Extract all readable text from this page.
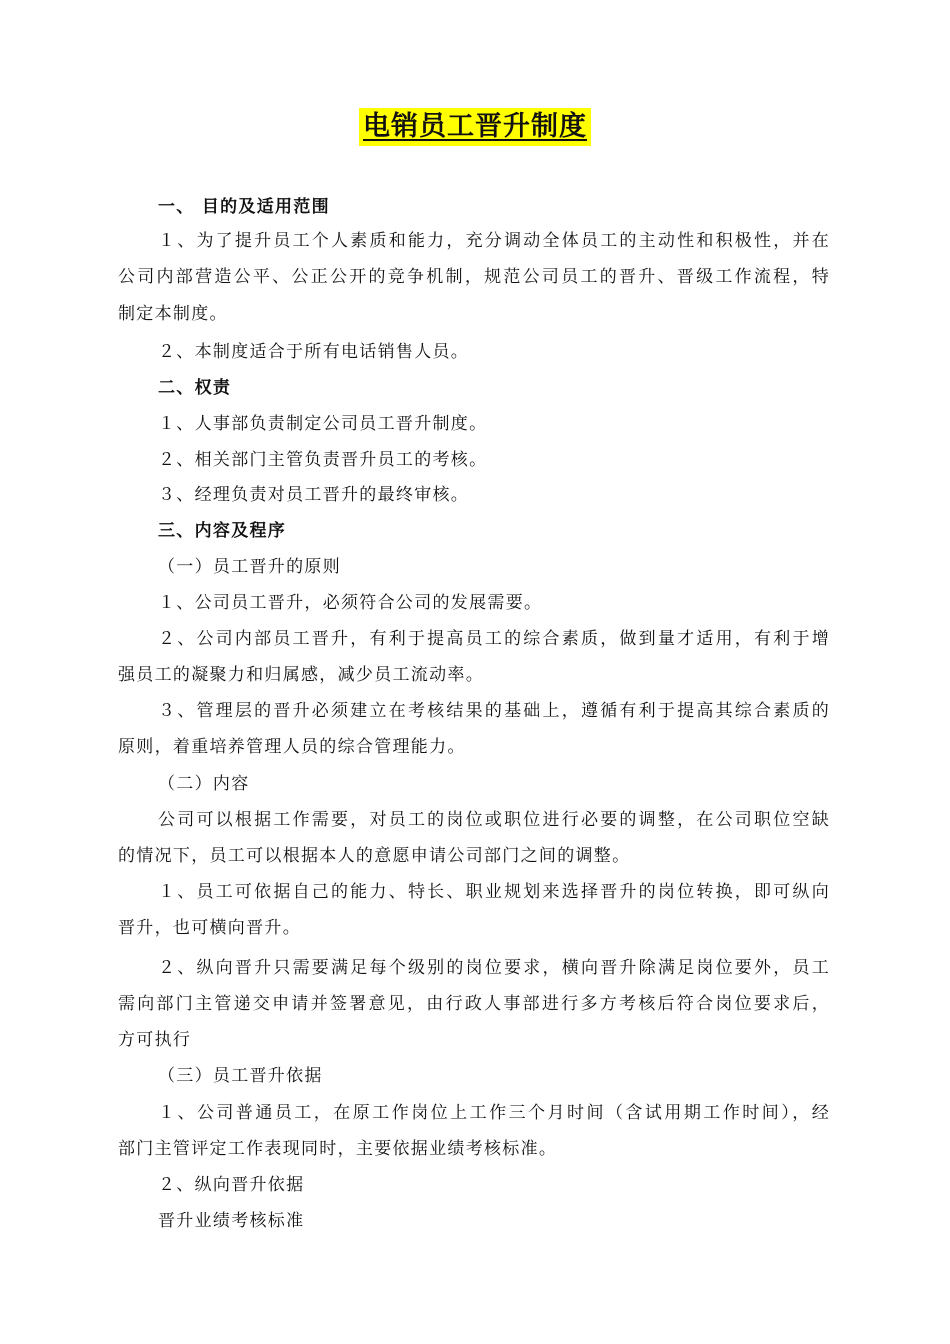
电销员工晋升制度
一、 目的及适用范围
１、为了提升员工个人素质和能力，充分调动全体员工的主动性和积极性，并在
公司内部营造公平、公正公开的竞争机制，规范公司员工的晋升、晋级工作流程，特
制定本制度。
２、本制度适合于所有电话销售人员。
二、权责
１、人事部负责制定公司员工晋升制度。
２、相关部门主管负责晋升员工的考核。
３、经理负责对员工晋升的最终审核。
三、内容及程序
（一）员工晋升的原则
１、公司员工晋升，必须符合公司的发展需要。
２、公司内部员工晋升，有利于提高员工的综合素质，做到量才适用，有利于增
强员工的凝聚力和归属感，减少员工流动率。
３、管理层的晋升必须建立在考核结果的基础上，遵循有利于提高其综合素质的
原则，着重培养管理人员的综合管理能力。
（二）内容
公司可以根据工作需要，对员工的岗位或职位进行必要的调整，在公司职位空缺
的情况下，员工可以根据本人的意愿申请公司部门之间的调整。
１、员工可依据自己的能力、特长、职业规划来选择晋升的岗位转换，即可纵向
晋升，也可横向晋升。
２、纵向晋升只需要满足每个级别的岗位要求，横向晋升除满足岗位要外，员工
需向部门主管递交申请并签署意见，由行政人事部进行多方考核后符合岗位要求后，
方可执行
（三）员工晋升依据
１、公司普通员工，在原工作岗位上工作三个月时间（含试用期工作时间），经
部门主管评定工作表现同时，主要依据业绩考核标准。
２、纵向晋升依据
晋升业绩考核标准
